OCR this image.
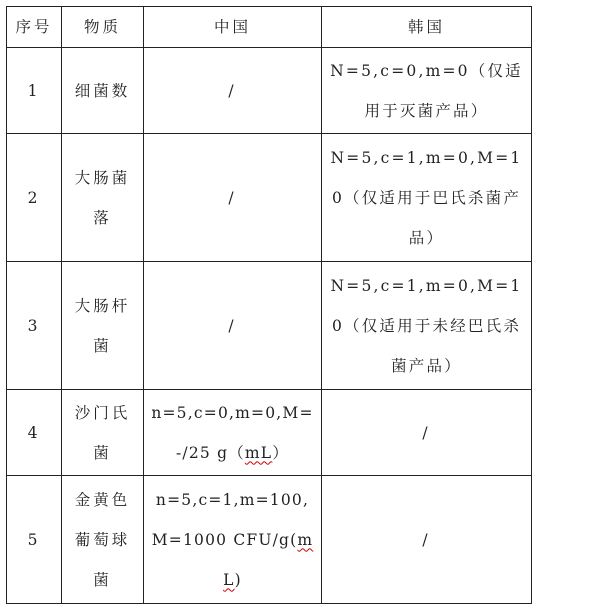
序号	物质	中国	韩国
1	细菌数	/	N=5,c=0,m=0（仅适用于灭菌产品）
2	大肠菌落	/	N=5,c=1,m=0,M=10（仅适用于巴氏杀菌产品）
3	大肠杆菌	/	N=5,c=1,m=0,M=10（仅适用于未经巴氏杀菌产品）
4	沙门氏菌	n=5,c=0,m=0,M=-/25 g（mL）	/
5	金黄色葡萄球菌	n=5,c=1,m=100,M=1000 CFU/g(mL)	/
